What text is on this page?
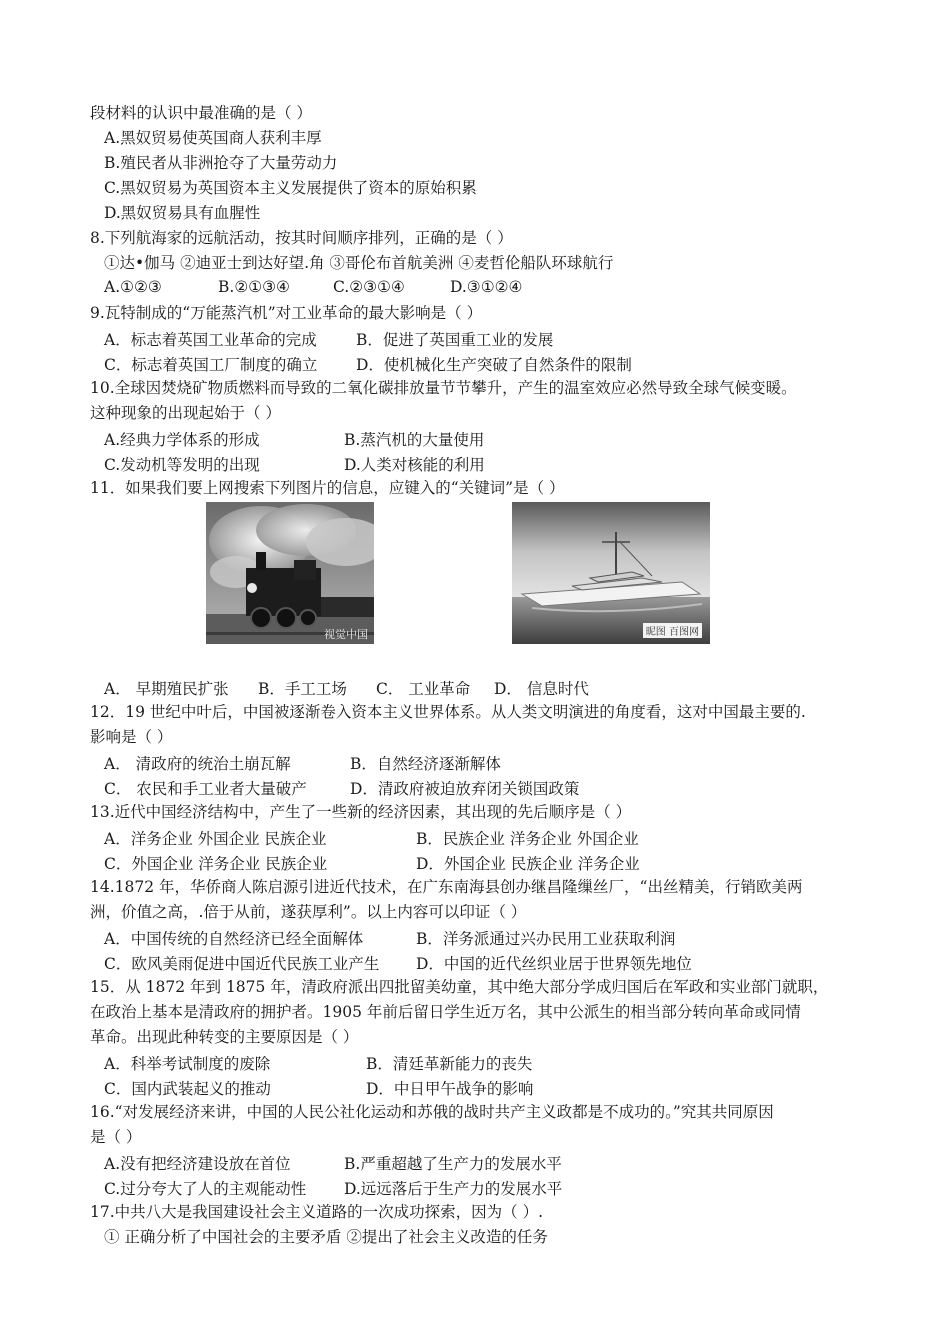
段材料的认识中最准确的是（ ）
A.黑奴贸易使英国商人获利丰厚
B.殖民者从非洲抢夺了大量劳动力
C.黑奴贸易为英国资本主义发展提供了资本的原始积累
D.黑奴贸易具有血腥性
8.下列航海家的远航活动，按其时间顺序排列，正确的是（ ）
①达•伽马 ②迪亚士到达好望.角 ③哥伦布首航美洲 ④麦哲伦船队环球航行
A.①②③	B.②①③④	C.②③①④	D.③①②④
9.瓦特制成的“万能蒸汽机”对工业革命的最大影响是（ ）
A．标志着英国工业革命的完成	B．促进了英国重工业的发展
C．标志着英国工厂制度的确立 D．使机械化生产突破了自然条件的限制
10.全球因焚烧矿物质燃料而导致的二氧化碳排放量节节攀升，产生的温室效应必然导致全球气候变暖。
这种现象的出现起始于（ ）
A.经典力学体系的形成	B.蒸汽机的大量使用
C.发动机等发明的出现	D.人类对核能的利用
11．如果我们要上网搜索下列图片的信息，应键入的“关键词”是（ ）
视觉中国	昵图 百图网
A． 早期殖民扩张 B．手工工场 C． 工业革命 D． 信息时代
12．19 世纪中叶后，中国被逐渐卷入资本主义世界体系。从人类文明演进的角度看，这对中国最主要的.
影响是（ ）
A． 清政府的统治土崩瓦解	B．自然经济逐渐解体
C． 农民和手工业者大量破产	D．清政府被迫放弃闭关锁国政策
13.近代中国经济结构中，产生了一些新的经济因素，其出现的先后顺序是（ ）
A．洋务企业 外国企业 民族企业	B．民族企业 洋务企业 外国企业
C．外国企业 洋务企业 民族企业	D．外国企业 民族企业 洋务企业
14.1872 年，华侨商人陈启源引进近代技术，在广东南海县创办继昌隆缫丝厂，“出丝精美，行销欧美两
洲，价值之高，.倍于从前，遂获厚利”。以上内容可以印证（ ）
A．中国传统的自然经济已经全面解体	B．洋务派通过兴办民用工业获取利润
C．欧风美雨促进中国近代民族工业产生 D．中国的近代丝织业居于世界领先地位
15．从 1872 年到 1875 年，清政府派出四批留美幼童，其中绝大部分学成归国后在军政和实业部门就职，
在政治上基本是清政府的拥护者。1905 年前后留日学生近万名，其中公派生的相当部分转向革命或同情
革命。出现此种转变的主要原因是（ ）
A．科举考试制度的废除	B．清廷革新能力的丧失
C．国内武装起义的推动	D．中日甲午战争的影响
16.“对发展经济来讲，中国的人民公社化运动和苏俄的战时共产主义政都是不成功的。”究其共同原因
是（ ）
A.没有把经济建设放在首位	B.严重超越了生产力的发展水平
C.过分夸大了人的主观能动性 D.远远落后于生产力的发展水平
17.中共八大是我国建设社会主义道路的一次成功探索，因为（ ）.
① 正确分析了中国社会的主要矛盾 ②提出了社会主义改造的任务
